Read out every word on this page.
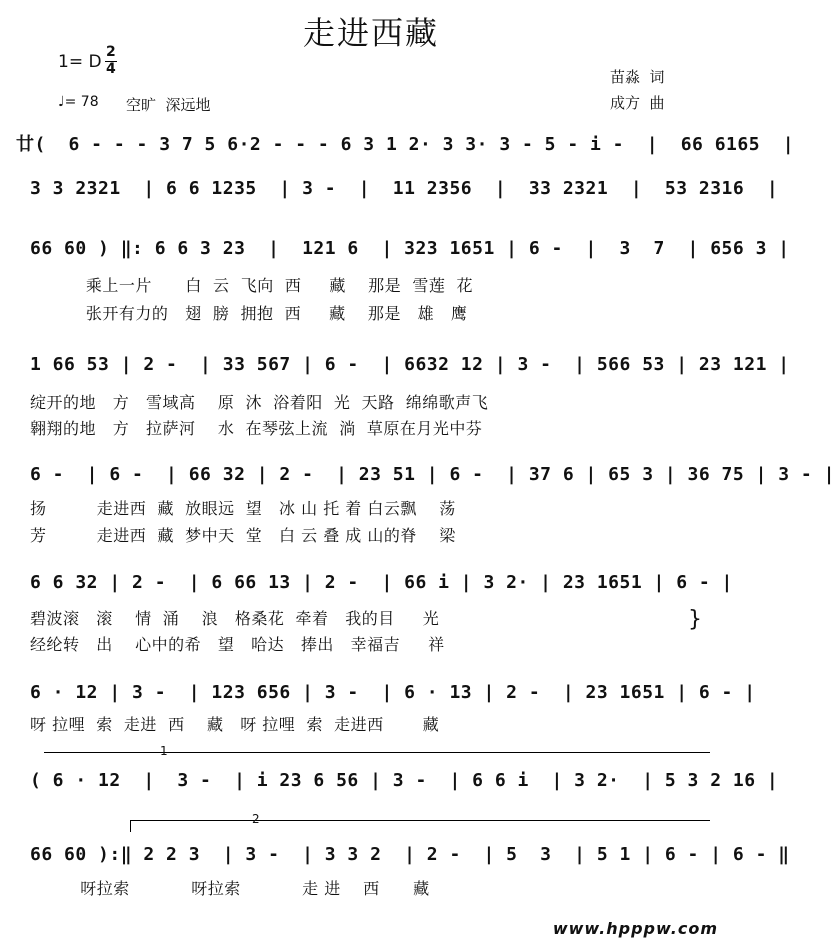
走进西藏
1= D 2
4
♩= 78 空旷  深远地
苗淼  词
成方  曲
廿(  6 - - - 3 7 5 6·2 - - - 6 3 1 2· 3 3· 3 - 5 - i -  |  66 6165  |
3 3 2321  | 6 6 1235  | 3 -  |  11 2356  |  33 2321  |  53 2316  |
66 60 ) ‖: 6 6 3 23  |  121 6  | 323 1651 | 6 -  |  3  7  | 656 3 |
乘上一片      白  云  飞向  西     藏    那是  雪莲  花
张开有力的   翅  膀  拥抱  西     藏    那是   雄   鹰
1 66 53 | 2 -  | 33 567 | 6 -  | 6632 12 | 3 -  | 566 53 | 23 121 |
绽开的地   方   雪域高    原  沐  浴着阳  光  天路  绵绵歌声飞
翱翔的地   方   拉萨河    水  在琴弦上流  淌  草原在月光中芬
6 -  | 6 -  | 66 32 | 2 -  | 23 51 | 6 -  | 37 6 | 65 3 | 36 75 | 3 - |
扬         走进西  藏  放眼远  望   冰 山 托 着 白云飘    荡
芳         走进西  藏  梦中天  堂   白 云 叠 成 山的脊    梁
6 6 32 | 2 -  | 6 66 13 | 2 -  | 66 i | 3 2· | 23 1651 | 6 - |
碧波滚   滚    情  涌    浪   格桑花  牵着   我的目     光
经纶转   出    心中的希   望   哈达   捧出   幸福吉     祥
}
6 · 12 | 3 -  | 123 656 | 3 -  | 6 · 13 | 2 -  | 23 1651 | 6 - |
呀 拉哩  索  走进  西    藏   呀 拉哩  索  走进西       藏
1
( 6 · 12  |  3 -  | i 23 6 56 | 3 -  | 6 6 i  | 3 2·  | 5 3 2 16 |
2
66 60 ):‖ 2 2 3  | 3 -  | 3 3 2  | 2 -  | 5  3  | 5 1 | 6 - | 6 - ‖
呀拉索           呀拉索           走 进    西      藏
www.hpppw.com
